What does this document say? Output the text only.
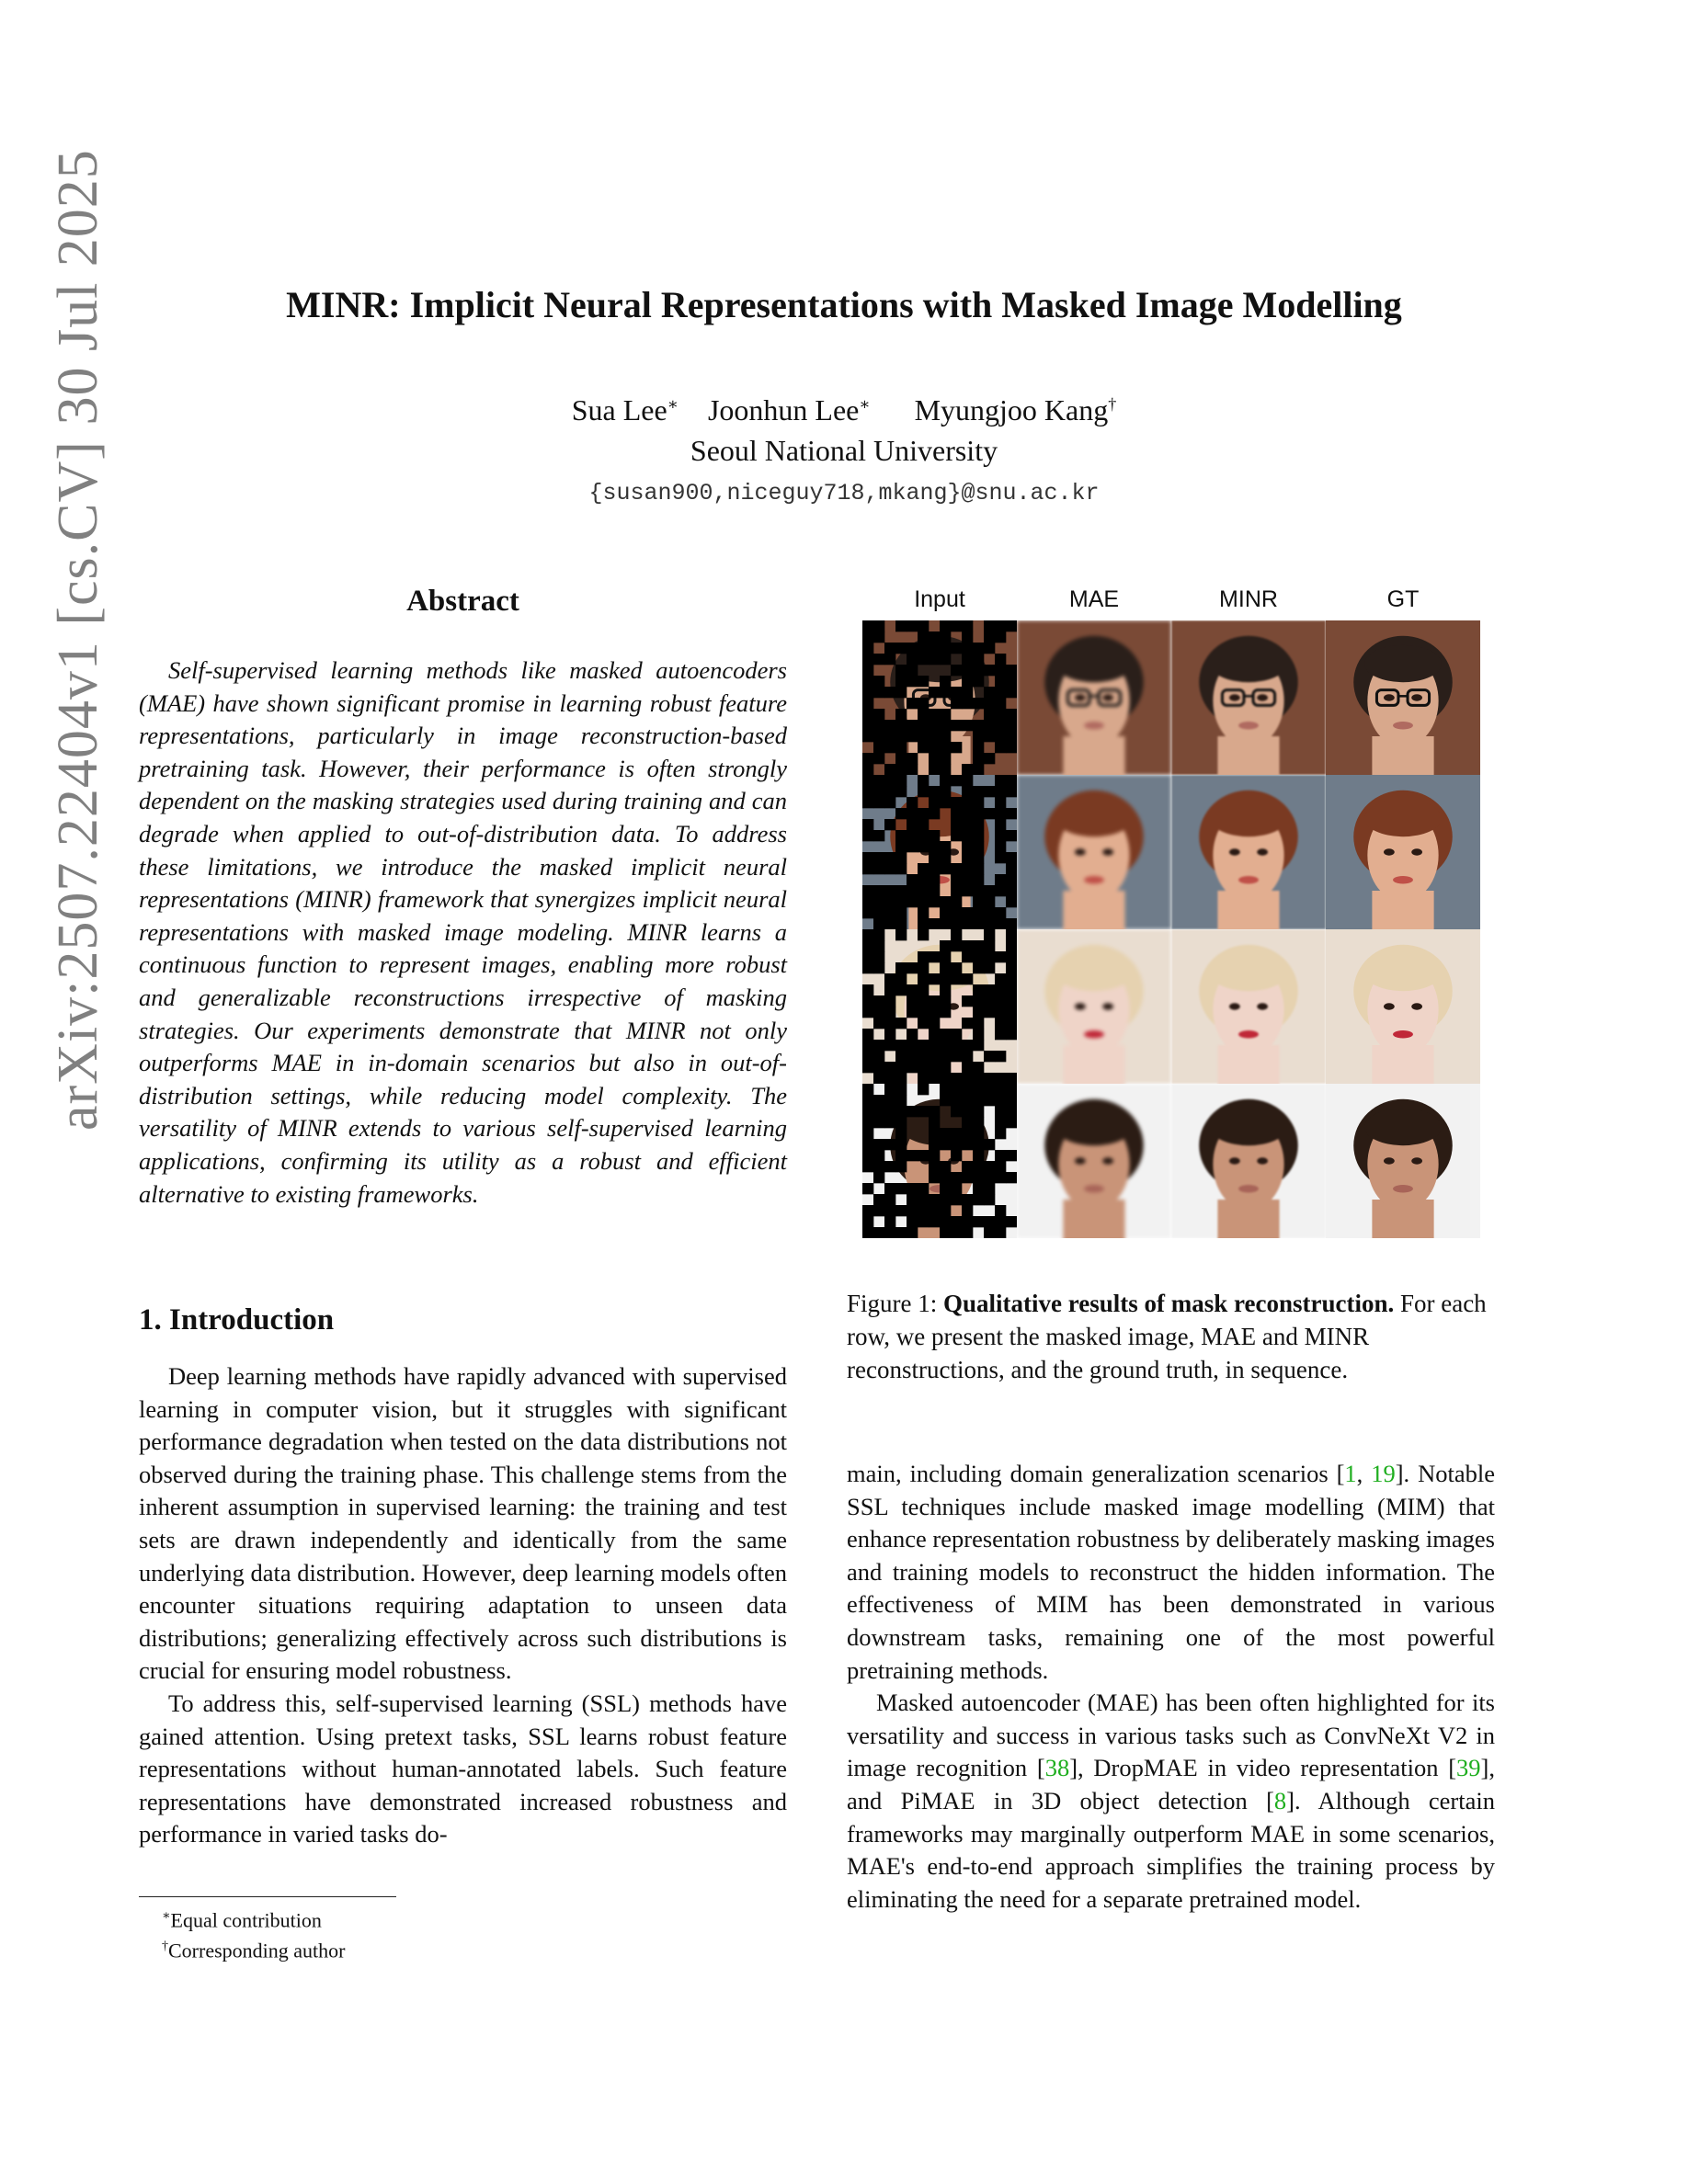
arXiv:2507.22404v1 [cs.CV] 30 Jul 2025	MINR: Implicit Neural Representations with Masked Image Modelling
Sua Lee∗ Joonhun Lee∗ Myungjoo Kang†
Seoul National University
{susan900,niceguy718,mkang}@snu.ac.kr
Abstract
Self-supervised learning methods like masked autoencoders (MAE) have shown significant promise in learning robust feature representations, particularly in image reconstruction-based pretraining task. However, their performance is often strongly dependent on the masking strategies used during training and can degrade when applied to out-of-distribution data. To address these limitations, we introduce the masked implicit neural representations (MINR) framework that synergizes implicit neural representations with masked image modeling. MINR learns a continuous function to represent images, enabling more robust and generalizable reconstructions irrespective of masking strategies. Our experiments demonstrate that MINR not only outperforms MAE in in-domain scenarios but also in out-of-distribution settings, while reducing model complexity. The versatility of MINR extends to various self-supervised learning applications, confirming its utility as a robust and efficient alternative to existing frameworks.
1. Introduction

Deep learning methods have rapidly advanced with supervised learning in computer vision, but it struggles with significant performance degradation when tested on the data distributions not observed during the training phase. This challenge stems from the inherent assumption in supervised learning: the training and test sets are drawn independently and identically from the same underlying data distribution. However, deep learning models often encounter situations requiring adaptation to unseen data distributions; generalizing effectively across such distributions is crucial for ensuring model robustness.

To address this, self-supervised learning (SSL) methods have gained attention. Using pretext tasks, SSL learns robust feature representations without human-annotated labels. Such feature representations have demonstrated increased robustness and performance in varied tasks do-

∗Equal contribution
†Corresponding author
Input	MAE	MINR	GT
Figure 1: Qualitative results of mask reconstruction. For each row, we present the masked image, MAE and MINR reconstructions, and the ground truth, in sequence.

main, including domain generalization scenarios [1, 19]. Notable SSL techniques include masked image modelling (MIM) that enhance representation robustness by deliberately masking images and training models to reconstruct the hidden information. The effectiveness of MIM has been demonstrated in various downstream tasks, remaining one of the most powerful pretraining methods.

Masked autoencoder (MAE) has been often highlighted for its versatility and success in various tasks such as ConvNeXt V2 in image recognition [38], DropMAE in video representation [39], and PiMAE in 3D object detection [8]. Although certain frameworks may marginally outperform MAE in some scenarios, MAE's end-to-end approach simplifies the training process by eliminating the need for a separate pretrained model.
